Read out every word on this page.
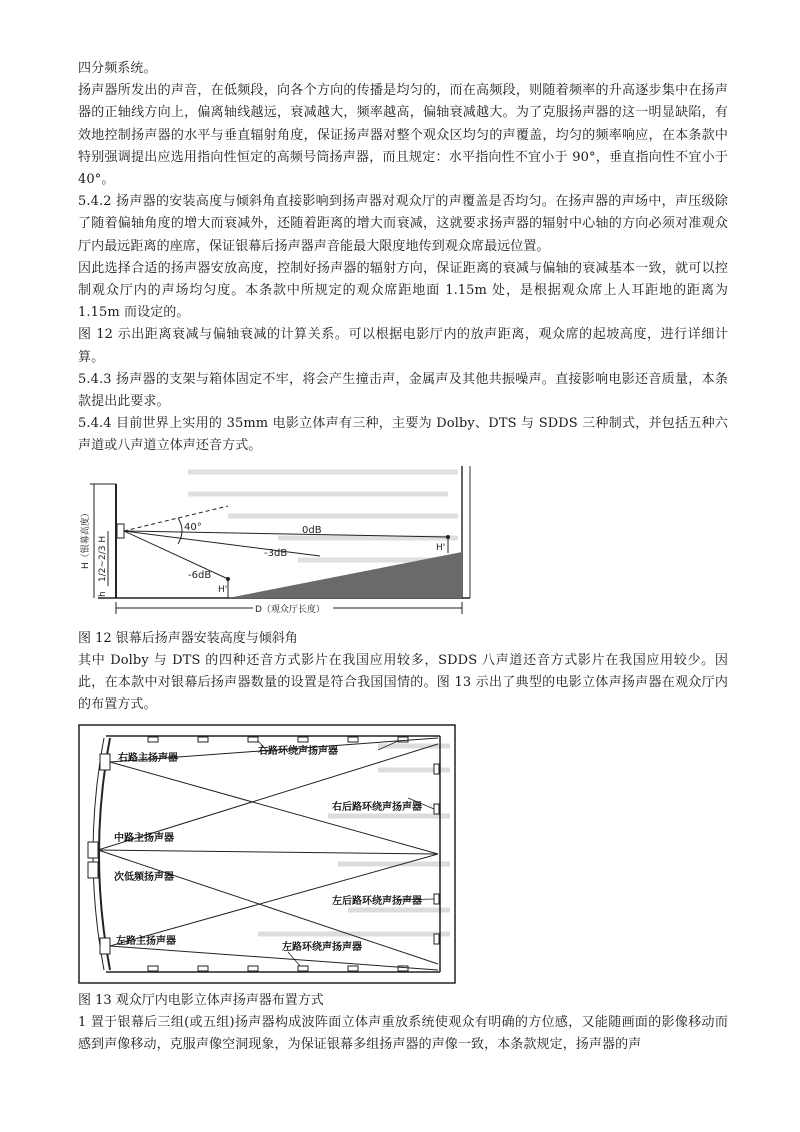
四分频系统。

扬声器所发出的声音，在低频段，向各个方向的传播是均匀的，而在高频段，则随着频率的升高逐步集中在扬声器的正轴线方向上，偏离轴线越远，衰减越大，频率越高，偏轴衰减越大。为了克服扬声器的这一明显缺陷，有效地控制扬声器的水平与垂直辐射角度，保证扬声器对整个观众区均匀的声覆盖，均匀的频率响应，在本条款中特别强调提出应选用指向性恒定的高频号筒扬声器，而且规定：水平指向性不宜小于 90°，垂直指向性不宜小于 40°。

5.4.2 扬声器的安装高度与倾斜角直接影响到扬声器对观众厅的声覆盖是否均匀。在扬声器的声场中，声压级除了随着偏轴角度的增大而衰减外，还随着距离的增大而衰减，这就要求扬声器的辐射中心轴的方向必须对准观众厅内最远距离的座席，保证银幕后扬声器声音能最大限度地传到观众席最远位置。

因此选择合适的扬声器安放高度，控制好扬声器的辐射方向，保证距离的衰减与偏轴的衰减基本一致，就可以控制观众厅内的声场均匀度。本条款中所规定的观众席距地面 1.15m 处，是根据观众席上人耳距地的距离为 1.15m 而设定的。

图 12 示出距离衰减与偏轴衰减的计算关系。可以根据电影厅内的放声距离，观众席的起坡高度，进行详细计算。

5.4.3 扬声器的支架与箱体固定不牢，将会产生撞击声，金属声及其他共振噪声。直接影响电影还音质量，本条款提出此要求。

5.4.4 目前世界上实用的 35mm 电影立体声有三种，主要为 Dolby、DTS 与 SDDS 三种制式，并包括五种六声道或八声道立体声还音方式。

40°	0dB
-3dB
-6dB
H'
H'
H（银幕高度） 1/2~2/3 H
h
D（观众厅长度）

图 12 银幕后扬声器安装高度与倾斜角

其中 Dolby 与 DTS 的四种还音方式影片在我国应用较多，SDDS 八声道还音方式影片在我国应用较少。因此，在本款中对银幕后扬声器数量的设置是符合我国国情的。图 13 示出了典型的电影立体声扬声器在观众厅内的布置方式。

右路主扬声器
右路环绕声扬声器
右后路环绕声扬声器
中路主扬声器
次低频扬声器
左后路环绕声扬声器
左路主扬声器
左路环绕声扬声器

图 13 观众厅内电影立体声扬声器布置方式

1 置于银幕后三组(或五组)扬声器构成波阵面立体声重放系统使观众有明确的方位感，又能随画面的影像移动而感到声像移动，克服声像空洞现象，为保证银幕多组扬声器的声像一致，本条款规定，扬声器的声
